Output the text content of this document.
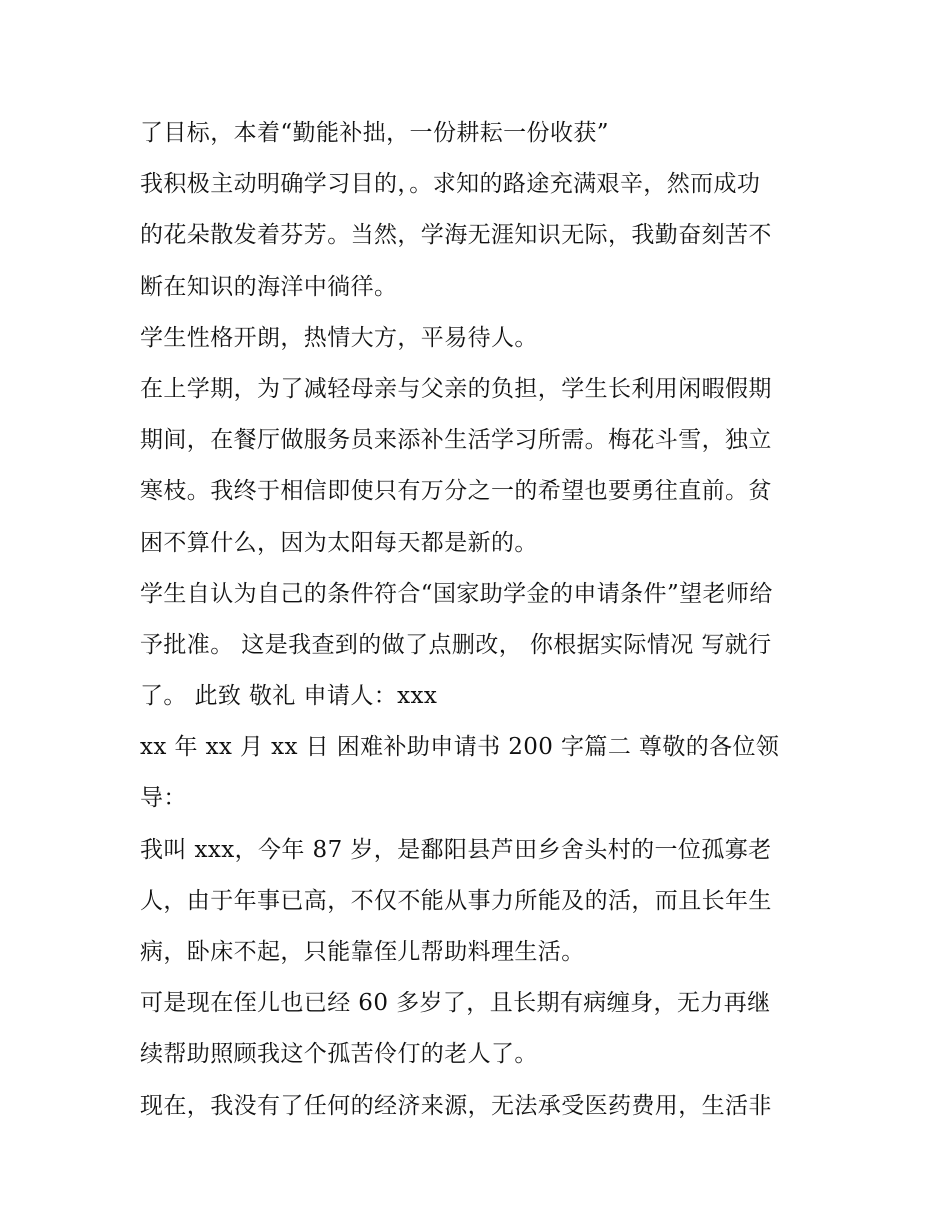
了目标，本着“勤能补拙，一份耕耘一份收获”
我积极主动明确学习目的，。求知的路途充满艰辛，然而成功
的花朵散发着芬芳。当然，学海无涯知识无际，我勤奋刻苦不
断在知识的海洋中徜徉。
学生性格开朗，热情大方，平易待人。
在上学期，为了减轻母亲与父亲的负担，学生长利用闲暇假期
期间，在餐厅做服务员来添补生活学习所需。梅花斗雪，独立
寒枝。我终于相信即使只有万分之一的希望也要勇往直前。贫
困不算什么，因为太阳每天都是新的。
学生自认为自己的条件符合“国家助学金的申请条件”望老师给
予批准。 这是我查到的做了点删改， 你根据实际情况 写就行
了。 此致 敬礼 申请人：xxx
xx 年 xx 月 xx 日 困难补助申请书 200 字篇二 尊敬的各位领
导：
我叫 xxx，今年 87 岁，是鄱阳县芦田乡舍头村的一位孤寡老
人，由于年事已高，不仅不能从事力所能及的活，而且长年生
病，卧床不起，只能靠侄儿帮助料理生活。
可是现在侄儿也已经 60 多岁了，且长期有病缠身，无力再继
续帮助照顾我这个孤苦伶仃的老人了。
现在，我没有了任何的经济来源，无法承受医药费用，生活非
